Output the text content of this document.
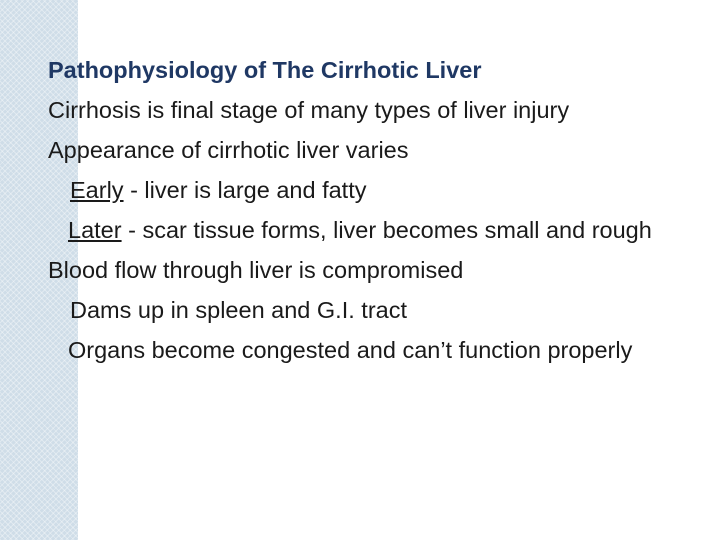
Pathophysiology of The Cirrhotic Liver
Cirrhosis is final stage of many types of liver injury
Appearance of cirrhotic liver varies
Early - liver is large and fatty
Later - scar tissue forms, liver becomes small and rough
Blood flow through liver is compromised
Dams up in spleen and G.I. tract
Organs become congested and can’t function properly
